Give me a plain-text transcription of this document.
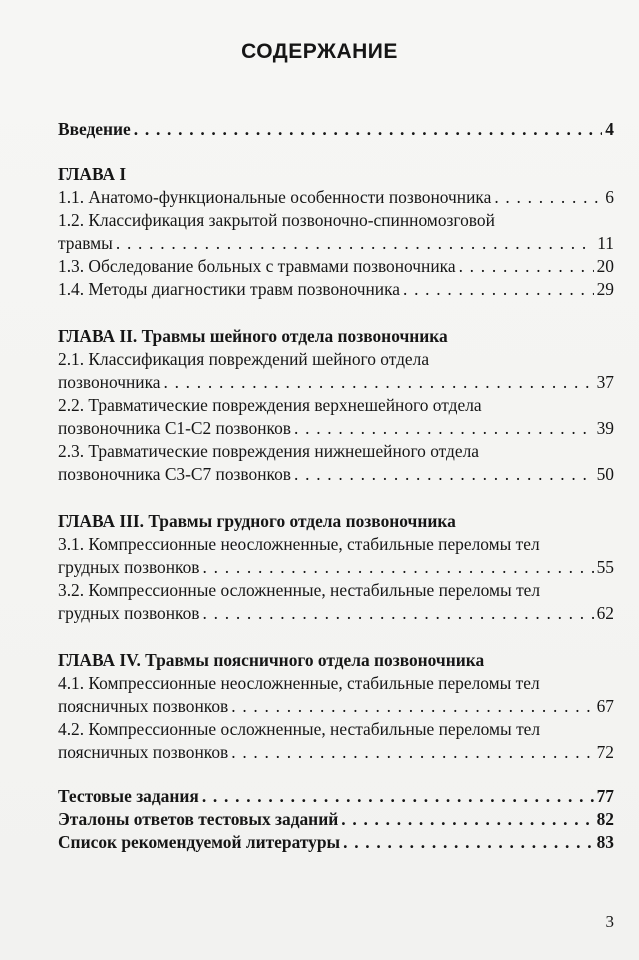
СОДЕРЖАНИЕ
Введение . . .	4
ГЛАВА I
1.1. Анатомо-функциональные особенности позвоночника . . .	6
1.2. Классификация закрытой позвоночно-спинномозговой
травмы . . .	11
1.3. Обследование больных с травмами позвоночника . . .	20
1.4. Методы диагностики травм позвоночника . . .	29
ГЛАВА II. Травмы шейного отдела позвоночника
2.1. Классификация повреждений шейного отдела
позвоночника . . .	37
2.2. Травматические повреждения верхнешейного отдела
позвоночника C1-C2 позвонков . . .	39
2.3. Травматические повреждения нижнешейного отдела
позвоночника C3-C7 позвонков . . .	50
ГЛАВА III. Травмы грудного отдела позвоночника
3.1. Компрессионные неосложненные, стабильные переломы тел
грудных позвонков . . .	55
3.2. Компрессионные осложненные, нестабильные переломы тел
грудных позвонков . . .	62
ГЛАВА IV. Травмы поясничного отдела позвоночника
4.1. Компрессионные неосложненные, стабильные переломы тел
поясничных позвонков . . .	67
4.2. Компрессионные осложненные, нестабильные переломы тел
поясничных позвонков . . .	72
Тестовые задания . . .	77
Эталоны ответов тестовых заданий . . .	82
Список рекомендуемой литературы . . .	83
3
